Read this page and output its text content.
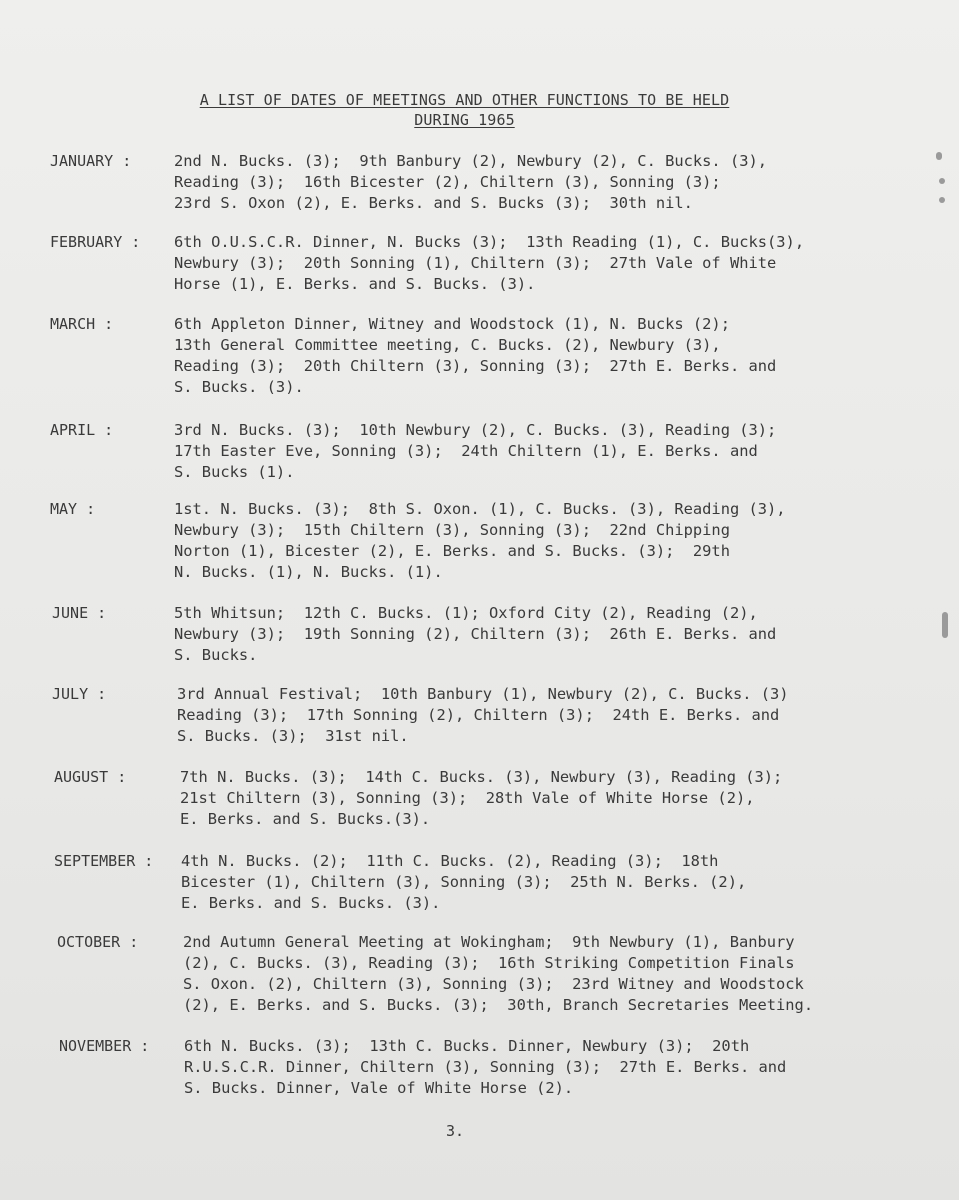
A LIST OF DATES OF MEETINGS AND OTHER FUNCTIONS TO BE HELD
DURING 1965
JANUARY :	2nd N. Bucks. (3);  9th Banbury (2), Newbury (2), C. Bucks. (3),
Reading (3);  16th Bicester (2), Chiltern (3), Sonning (3);
23rd S. Oxon (2), E. Berks. and S. Bucks (3);  30th nil.
FEBRUARY : 6th O.U.S.C.R. Dinner, N. Bucks (3);  13th Reading (1), C. Bucks(3),
Newbury (3);  20th Sonning (1), Chiltern (3);  27th Vale of White
Horse (1), E. Berks. and S. Bucks. (3).
MARCH :	6th Appleton Dinner, Witney and Woodstock (1), N. Bucks (2);
13th General Committee meeting, C. Bucks. (2), Newbury (3),
Reading (3);  20th Chiltern (3), Sonning (3);  27th E. Berks. and
S. Bucks. (3).
APRIL :	3rd N. Bucks. (3);  10th Newbury (2), C. Bucks. (3), Reading (3);
17th Easter Eve, Sonning (3);  24th Chiltern (1), E. Berks. and
S. Bucks (1).
MAY :	1st. N. Bucks. (3);  8th S. Oxon. (1), C. Bucks. (3), Reading (3),
Newbury (3);  15th Chiltern (3), Sonning (3);  22nd Chipping
Norton (1), Bicester (2), E. Berks. and S. Bucks. (3);  29th
N. Bucks. (1), N. Bucks. (1).
JUNE :	5th Whitsun;  12th C. Bucks. (1); Oxford City (2), Reading (2),
Newbury (3);  19th Sonning (2), Chiltern (3);  26th E. Berks. and
S. Bucks.
JULY :	3rd Annual Festival;  10th Banbury (1), Newbury (2), C. Bucks. (3)
Reading (3);  17th Sonning (2), Chiltern (3);  24th E. Berks. and
S. Bucks. (3);  31st nil.
AUGUST :	7th N. Bucks. (3);  14th C. Bucks. (3), Newbury (3), Reading (3);
21st Chiltern (3), Sonning (3);  28th Vale of White Horse (2),
E. Berks. and S. Bucks.(3).
SEPTEMBER : 4th N. Bucks. (2);  11th C. Bucks. (2), Reading (3);  18th
Bicester (1), Chiltern (3), Sonning (3);  25th N. Berks. (2),
E. Berks. and S. Bucks. (3).
OCTOBER :	2nd Autumn General Meeting at Wokingham;  9th Newbury (1), Banbury
(2), C. Bucks. (3), Reading (3);  16th Striking Competition Finals
S. Oxon. (2), Chiltern (3), Sonning (3);  23rd Witney and Woodstock
(2), E. Berks. and S. Bucks. (3);  30th, Branch Secretaries Meeting.
NOVEMBER : 6th N. Bucks. (3);  13th C. Bucks. Dinner, Newbury (3);  20th
R.U.S.C.R. Dinner, Chiltern (3), Sonning (3);  27th E. Berks. and
S. Bucks. Dinner, Vale of White Horse (2).
3.
